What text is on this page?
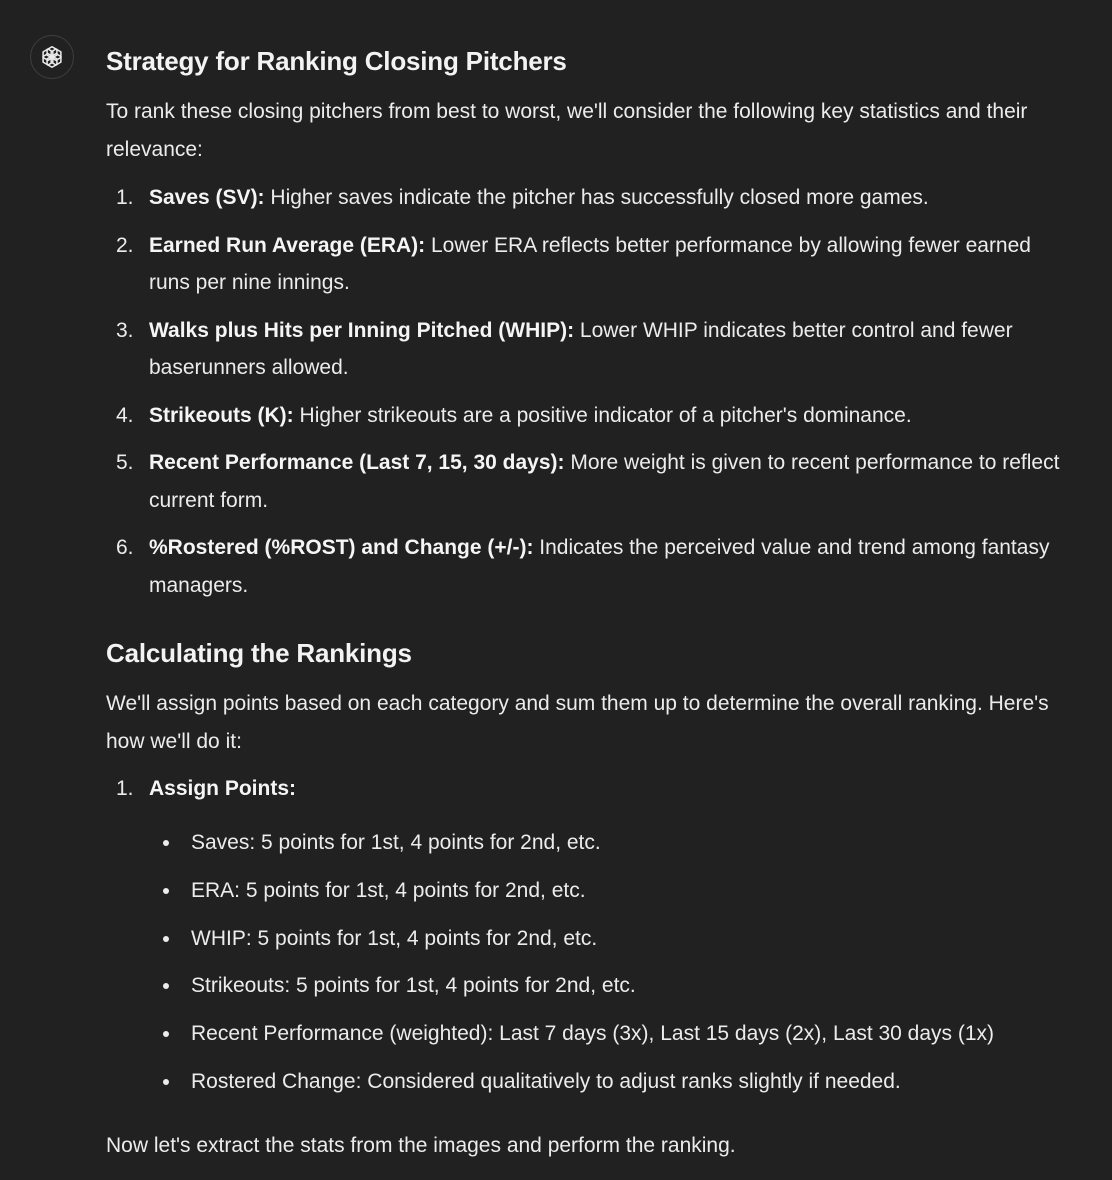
Strategy for Ranking Closing Pitchers

To rank these closing pitchers from best to worst, we'll consider the following key statistics and their relevance:

1. Saves (SV): Higher saves indicate the pitcher has successfully closed more games.
2. Earned Run Average (ERA): Lower ERA reflects better performance by allowing fewer earned runs per nine innings.
3. Walks plus Hits per Inning Pitched (WHIP): Lower WHIP indicates better control and fewer baserunners allowed.
4. Strikeouts (K): Higher strikeouts are a positive indicator of a pitcher's dominance.
5. Recent Performance (Last 7, 15, 30 days): More weight is given to recent performance to reflect current form.
6. %Rostered (%ROST) and Change (+/-): Indicates the perceived value and trend among fantasy managers.
Calculating the Rankings

We'll assign points based on each category and sum them up to determine the overall ranking. Here's how we'll do it:

1. Assign Points:
Saves: 5 points for 1st, 4 points for 2nd, etc.
ERA: 5 points for 1st, 4 points for 2nd, etc.
WHIP: 5 points for 1st, 4 points for 2nd, etc.
Strikeouts: 5 points for 1st, 4 points for 2nd, etc.
Recent Performance (weighted): Last 7 days (3x), Last 15 days (2x), Last 30 days (1x)
Rostered Change: Considered qualitatively to adjust ranks slightly if needed.

Now let's extract the stats from the images and perform the ranking.
